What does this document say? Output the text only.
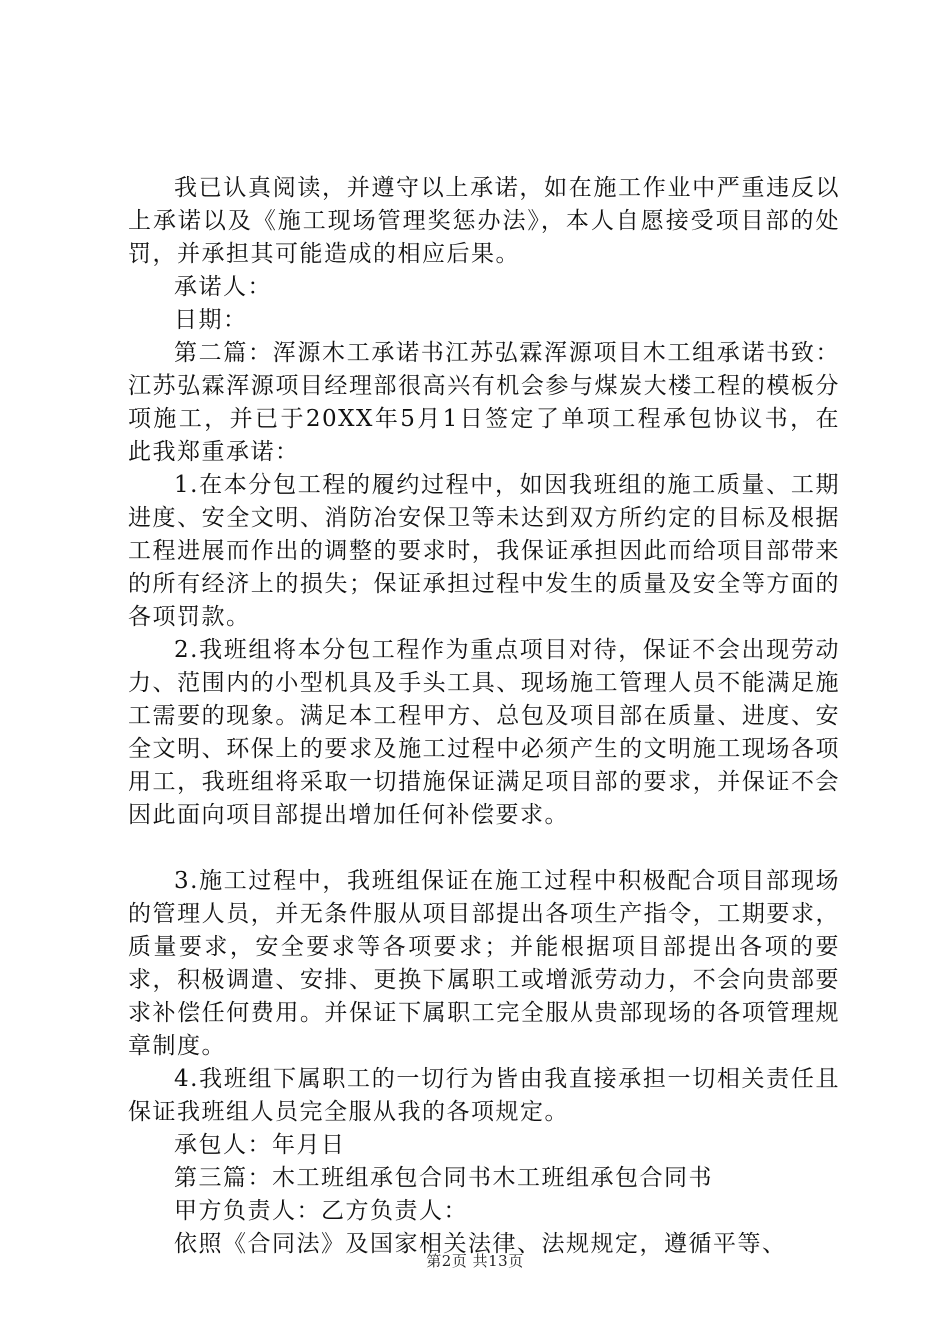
我已认真阅读，并遵守以上承诺，如在施工作业中严重违反以上承诺以及《施工现场管理奖惩办法》，本人自愿接受项目部的处罚，并承担其可能造成的相应后果。

承诺人：

日期：

第二篇：浑源木工承诺书江苏弘霖浑源项目木工组承诺书致：江苏弘霖浑源项目经理部很高兴有机会参与煤炭大楼工程的模板分项施工，并已于20XX年5月1日签定了单项工程承包协议书，在此我郑重承诺：

1.在本分包工程的履约过程中，如因我班组的施工质量、工期进度、安全文明、消防冶安保卫等未达到双方所约定的目标及根据工程进展而作出的调整的要求时，我保证承担因此而给项目部带来的所有经济上的损失；保证承担过程中发生的质量及安全等方面的各项罚款。

2.我班组将本分包工程作为重点项目对待，保证不会出现劳动力、范围内的小型机具及手头工具、现场施工管理人员不能满足施工需要的现象。满足本工程甲方、总包及项目部在质量、进度、安全文明、环保上的要求及施工过程中必须产生的文明施工现场各项用工，我班组将采取一切措施保证满足项目部的要求，并保证不会因此面向项目部提出增加任何补偿要求。

3.施工过程中，我班组保证在施工过程中积极配合项目部现场的管理人员，并无条件服从项目部提出各项生产指令，工期要求，质量要求，安全要求等各项要求；并能根据项目部提出各项的要求，积极调遣、安排、更换下属职工或增派劳动力，不会向贵部要求补偿任何费用。并保证下属职工完全服从贵部现场的各项管理规章制度。

4.我班组下属职工的一切行为皆由我直接承担一切相关责任且保证我班组人员完全服从我的各项规定。

承包人：年月日

第三篇：木工班组承包合同书木工班组承包合同书

甲方负责人：乙方负责人：

依照《合同法》及国家相关法律、法规规定，遵循平等、

第2页 共13页
